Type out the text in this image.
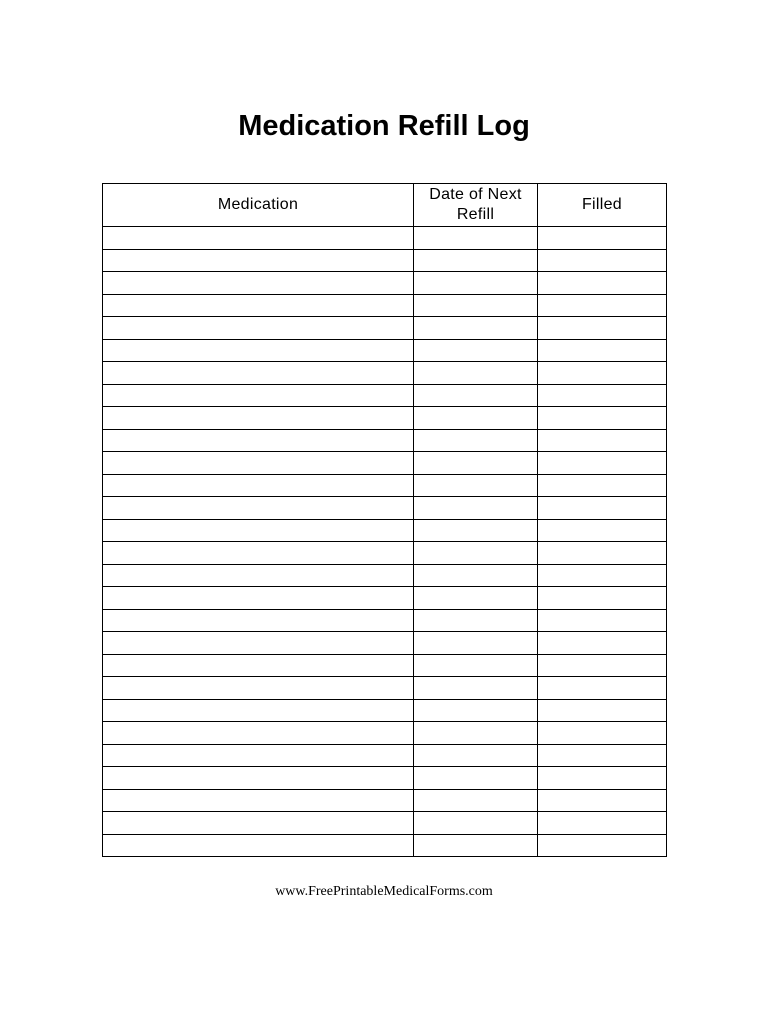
Medication Refill Log
Medication	Date of Next Refill	Filled

www.FreePrintableMedicalForms.com
